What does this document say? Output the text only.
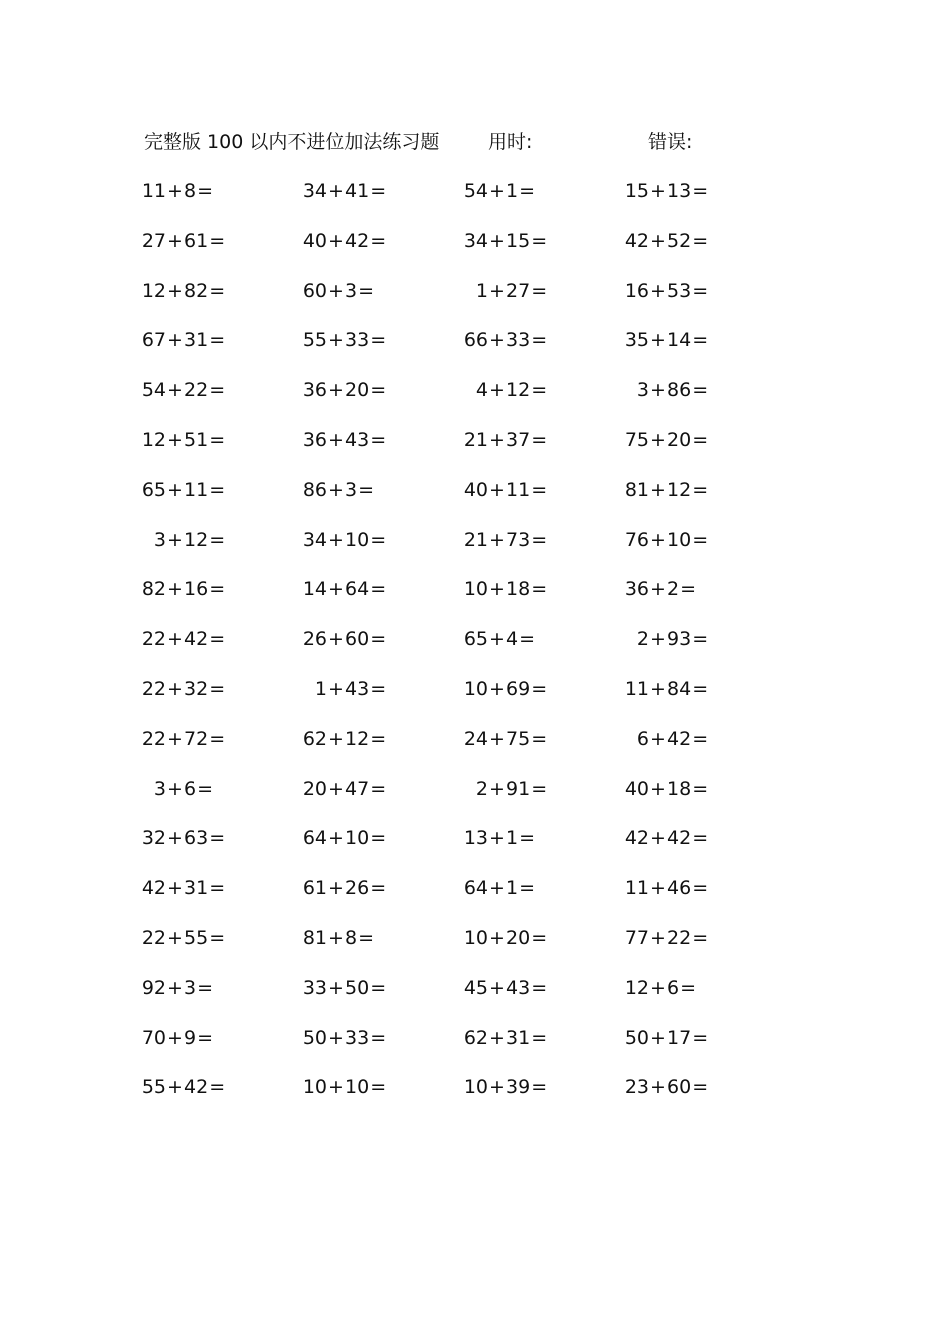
完整版 100 以内不进位加法练习题	用时:	错误:
11 + 8 =	34 + 41 =	54 + 1 =	15 + 13 =
27 + 61 =	40 + 42 =	34 + 15 =	42 + 52 =
12 + 82 =	60 + 3 =	1 + 27 =	16 + 53 =
67 + 31 =	55 + 33 =	66 + 33 =	35 + 14 =
54 + 22 =	36 + 20 =	4 + 12 =	3 + 86 =
12 + 51 =	36 + 43 =	21 + 37 =	75 + 20 =
65 + 11 =	86 + 3 =	40 + 11 =	81 + 12 =
3 + 12 =	34 + 10 =	21 + 73 =	76 + 10 =
82 + 16 =	14 + 64 =	10 + 18 =	36 + 2 =
22 + 42 =	26 + 60 =	65 + 4 =	2 + 93 =
22 + 32 =	1 + 43 =	10 + 69 =	11 + 84 =
22 + 72 =	62 + 12 =	24 + 75 =	6 + 42 =
3 + 6 =	20 + 47 =	2 + 91 =	40 + 18 =
32 + 63 =	64 + 10 =	13 + 1 =	42 + 42 =
42 + 31 =	61 + 26 =	64 + 1 =	11 + 46 =
22 + 55 =	81 + 8 =	10 + 20 =	77 + 22 =
92 + 3 =	33 + 50 =	45 + 43 =	12 + 6 =
70 + 9 =	50 + 33 =	62 + 31 =	50 + 17 =
55 + 42 =	10 + 10 =	10 + 39 =	23 + 60 =
